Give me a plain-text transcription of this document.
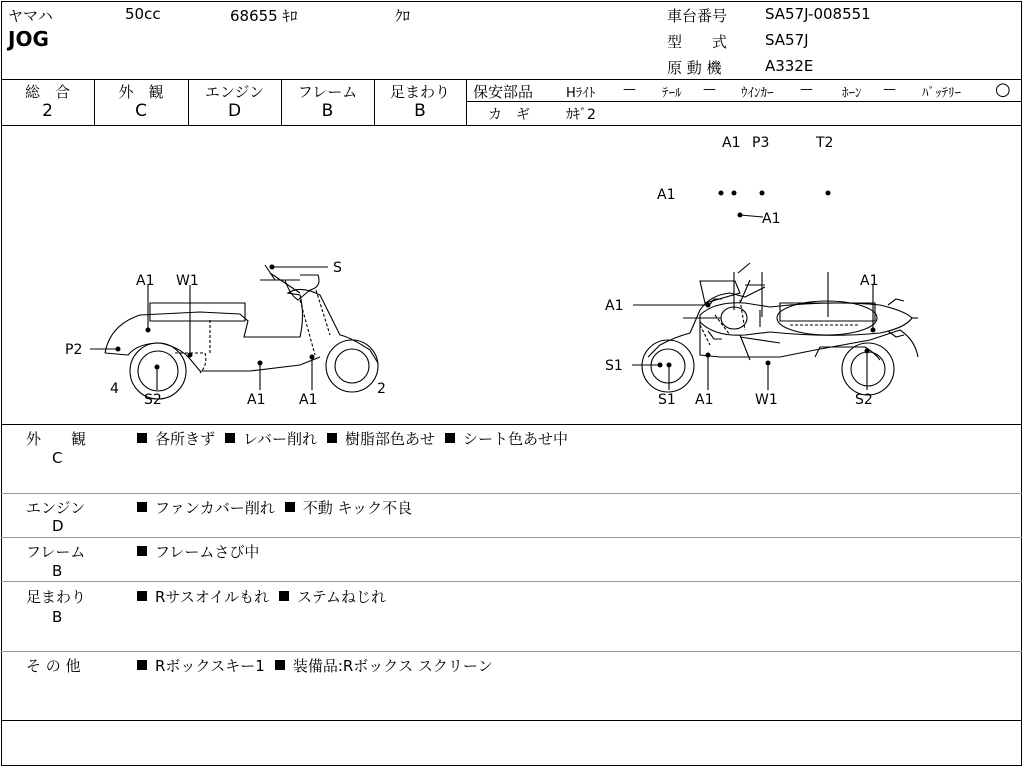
ヤマハ	50cc	68655 ｷﾛ	ｸﾛ
JOG
車台番号	SA57J-008551
型　　式	SA57J
原 動 機	A332E
総　合	外　観	エンジン	フレーム	足まわり
2	C	D	B	B
保安部品	Hﾗｲﾄ — ﾃｰﾙ — ｳｲﾝｶｰ — ﾎｰﾝ — ﾊﾞｯﾃﾘｰ ○
カ　ギ	ｶｷﾞ2
A1 P3	T2
A1
A1
A1 W1
S
P2
4
S2	A1 A1
2
A1
A1
S1
S1 A1	W1	S2
外　　観
C
各所きず レバー削れ 樹脂部色あせ シート色あせ中
エンジン
D
ファンカバー削れ 不動 キック不良
フレーム
B
フレームさび中
足まわり
B
Rサスオイルもれ ステムねじれ
そ の 他	Rボックスキー1 装備品:Rボックス スクリーン
